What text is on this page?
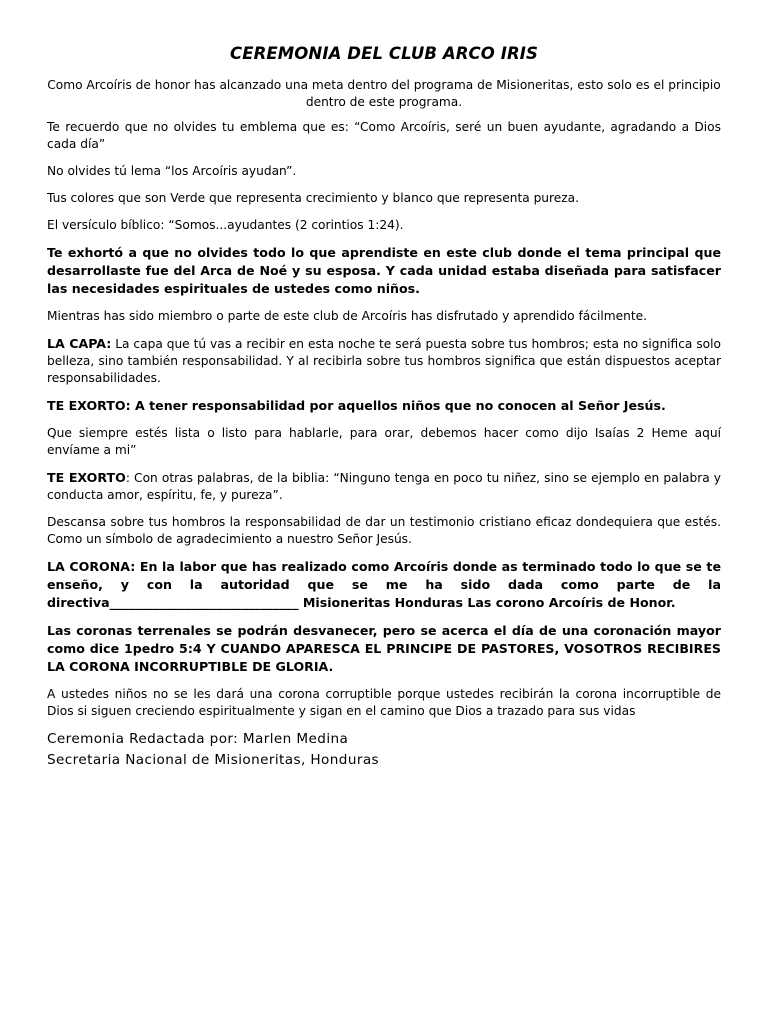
CEREMONIA DEL CLUB ARCO IRIS
Como Arcoíris de honor has alcanzado una meta dentro del programa de Misioneritas, esto solo es el principio dentro de este programa.
Te recuerdo que no olvides tu emblema que es: “Como Arcoíris, seré un buen ayudante, agradando a Dios cada día”
No olvides tú lema “los Arcoíris ayudan”.
Tus colores que son Verde que representa crecimiento y blanco que representa pureza.
El versículo bíblico: “Somos...ayudantes (2 corintios 1:24).
Te exhortó a que no olvides todo lo que aprendiste en este club donde el tema principal que desarrollaste fue del Arca de Noé y su esposa. Y cada unidad estaba diseñada para satisfacer las necesidades espirituales de ustedes como niños.
Mientras has sido miembro o parte de este club de Arcoíris has disfrutado y aprendido fácilmente.
LA CAPA: La capa que tú vas a recibir en esta noche te será puesta sobre tus hombros; esta no significa solo belleza, sino también responsabilidad. Y al recibirla sobre tus hombros significa que están dispuestos aceptar responsabilidades.
TE EXORTO: A tener responsabilidad por aquellos niños que no conocen al Señor Jesús.
Que siempre estés lista o listo para hablarle, para orar, debemos hacer como dijo Isaías 2 Heme aquí envíame a mi”
TE EXORTO: Con otras palabras, de la biblia: “Ninguno tenga en poco tu niñez, sino se ejemplo en palabra y conducta amor, espíritu, fe, y pureza”.
Descansa sobre tus hombros la responsabilidad de dar un testimonio cristiano eficaz dondequiera que estés. Como un símbolo de agradecimiento a nuestro Señor Jesús.
LA CORONA: En la labor que has realizado como Arcoíris donde as terminado todo lo que se te enseño, y con la autoridad que se me ha sido dada como parte de la directiva______________________________ Misioneritas Honduras Las corono Arcoíris de Honor.
Las coronas terrenales se podrán desvanecer, pero se acerca el día de una coronación mayor como dice 1pedro 5:4 Y CUANDO APARESCA EL PRINCIPE DE PASTORES, VOSOTROS RECIBIRES LA CORONA INCORRUPTIBLE DE GLORIA.
A ustedes niños no se les dará una corona corruptible porque ustedes recibirán la corona incorruptible de Dios si siguen creciendo espiritualmente y sigan en el camino que Dios a trazado para sus vidas
Ceremonia Redactada por: Marlen Medina
Secretaria Nacional de Misioneritas, Honduras
